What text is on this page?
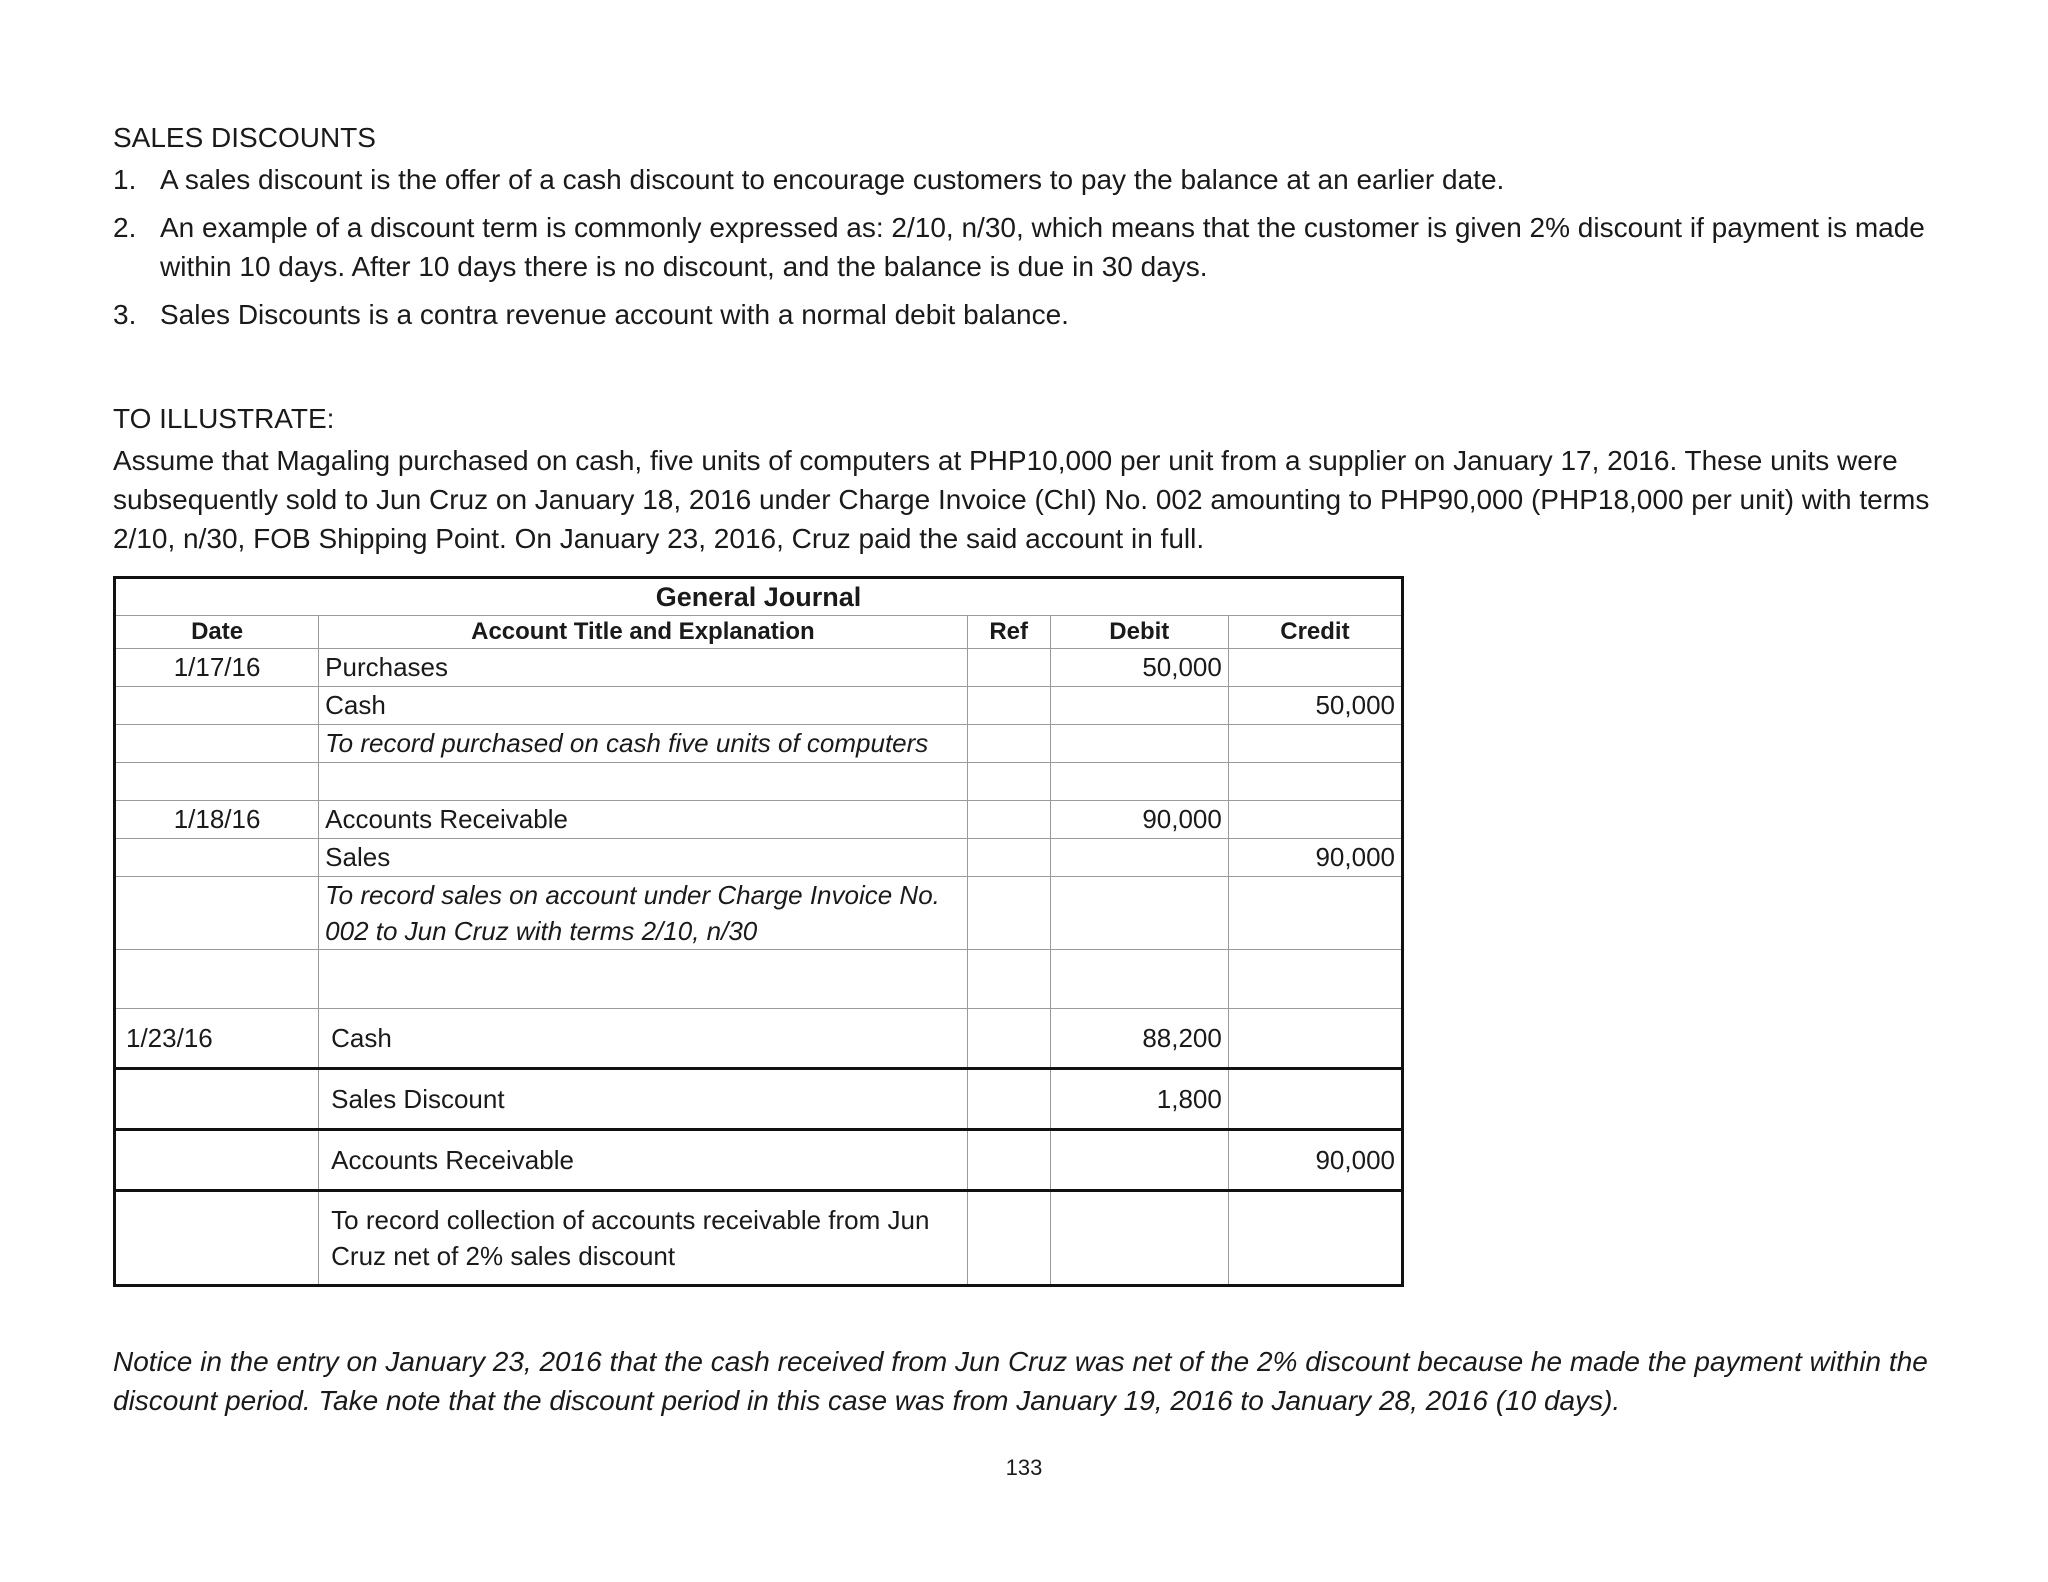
SALES DISCOUNTS
1. A sales discount is the offer of a cash discount to encourage customers to pay the balance at an earlier date.
2. An example of a discount term is commonly expressed as: 2/10, n/30, which means that the customer is given 2% discount if payment is made within 10 days. After 10 days there is no discount, and the balance is due in 30 days.
3. Sales Discounts is a contra revenue account with a normal debit balance.
TO ILLUSTRATE:

Assume that Magaling purchased on cash, five units of computers at PHP10,000 per unit from a supplier on January 17, 2016. These units were subsequently sold to Jun Cruz on January 18, 2016 under Charge Invoice (ChI) No. 002 amounting to PHP90,000 (PHP18,000 per unit) with terms 2/10, n/30, FOB Shipping Point. On January 23, 2016, Cruz paid the said account in full.

General Journal				
Date	Account Title and Explanation	Ref	Debit	Credit
1/17/16	Purchases		50,000	
	Cash			50,000
	To record purchased on cash five units of computers			

1/18/16	Accounts Receivable		90,000	
	Sales			90,000
	To record sales on account under Charge Invoice No. 002 to Jun Cruz with terms 2/10, n/30			

1/23/16	Cash		88,200	
	Sales Discount		1,800	
	Accounts Receivable			90,000
	To record collection of accounts receivable from Jun Cruz net of 2% sales discount			

Notice in the entry on January 23, 2016 that the cash received from Jun Cruz was net of the 2% discount because he made the payment within the discount period. Take note that the discount period in this case was from January 19, 2016 to January 28, 2016 (10 days).

133
